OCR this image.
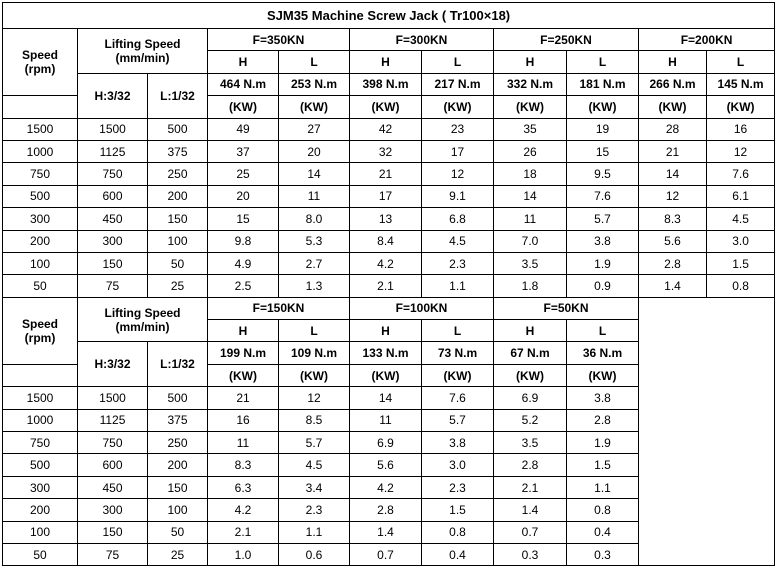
SJM35 Machine Screw Jack ( Tr100×18)										
Speed
(rpm)	Lifting Speed
(mm/min)		F=350KN		F=300KN		F=250KN		F=200KN	
			H	L	H	L	H	L	H	L
	H:3/32	L:1/32	464 N.m	253 N.m	398 N.m	217 N.m	332 N.m	181 N.m	266 N.m	145 N.m
			(KW)	(KW)	(KW)	(KW)	(KW)	(KW)	(KW)	(KW)
1500	1500	500	49	27	42	23	35	19	28	16
1000	1125	375	37	20	32	17	26	15	21	12
750	750	250	25	14	21	12	18	9.5	14	7.6
500	600	200	20	11	17	9.1	14	7.6	12	6.1
300	450	150	15	8.0	13	6.8	11	5.7	8.3	4.5
200	300	100	9.8	5.3	8.4	4.5	7.0	3.8	5.6	3.0
100	150	50	4.9	2.7	4.2	2.3	3.5	1.9	2.8	1.5
50	75	25	2.5	1.3	2.1	1.1	1.8	0.9	1.4	0.8
Speed
(rpm)	Lifting Speed
(mm/min)		F=150KN		F=100KN		F=50KN			
			H	L	H	L	H	L		
	H:3/32	L:1/32	199 N.m	109 N.m	133 N.m	73 N.m	67 N.m	36 N.m		
			(KW)	(KW)	(KW)	(KW)	(KW)	(KW)		
1500	1500	500	21	12	14	7.6	6.9	3.8		
1000	1125	375	16	8.5	11	5.7	5.2	2.8		
750	750	250	11	5.7	6.9	3.8	3.5	1.9		
500	600	200	8.3	4.5	5.6	3.0	2.8	1.5		
300	450	150	6.3	3.4	4.2	2.3	2.1	1.1		
200	300	100	4.2	2.3	2.8	1.5	1.4	0.8		
100	150	50	2.1	1.1	1.4	0.8	0.7	0.4		
50	75	25	1.0	0.6	0.7	0.4	0.3	0.3		
